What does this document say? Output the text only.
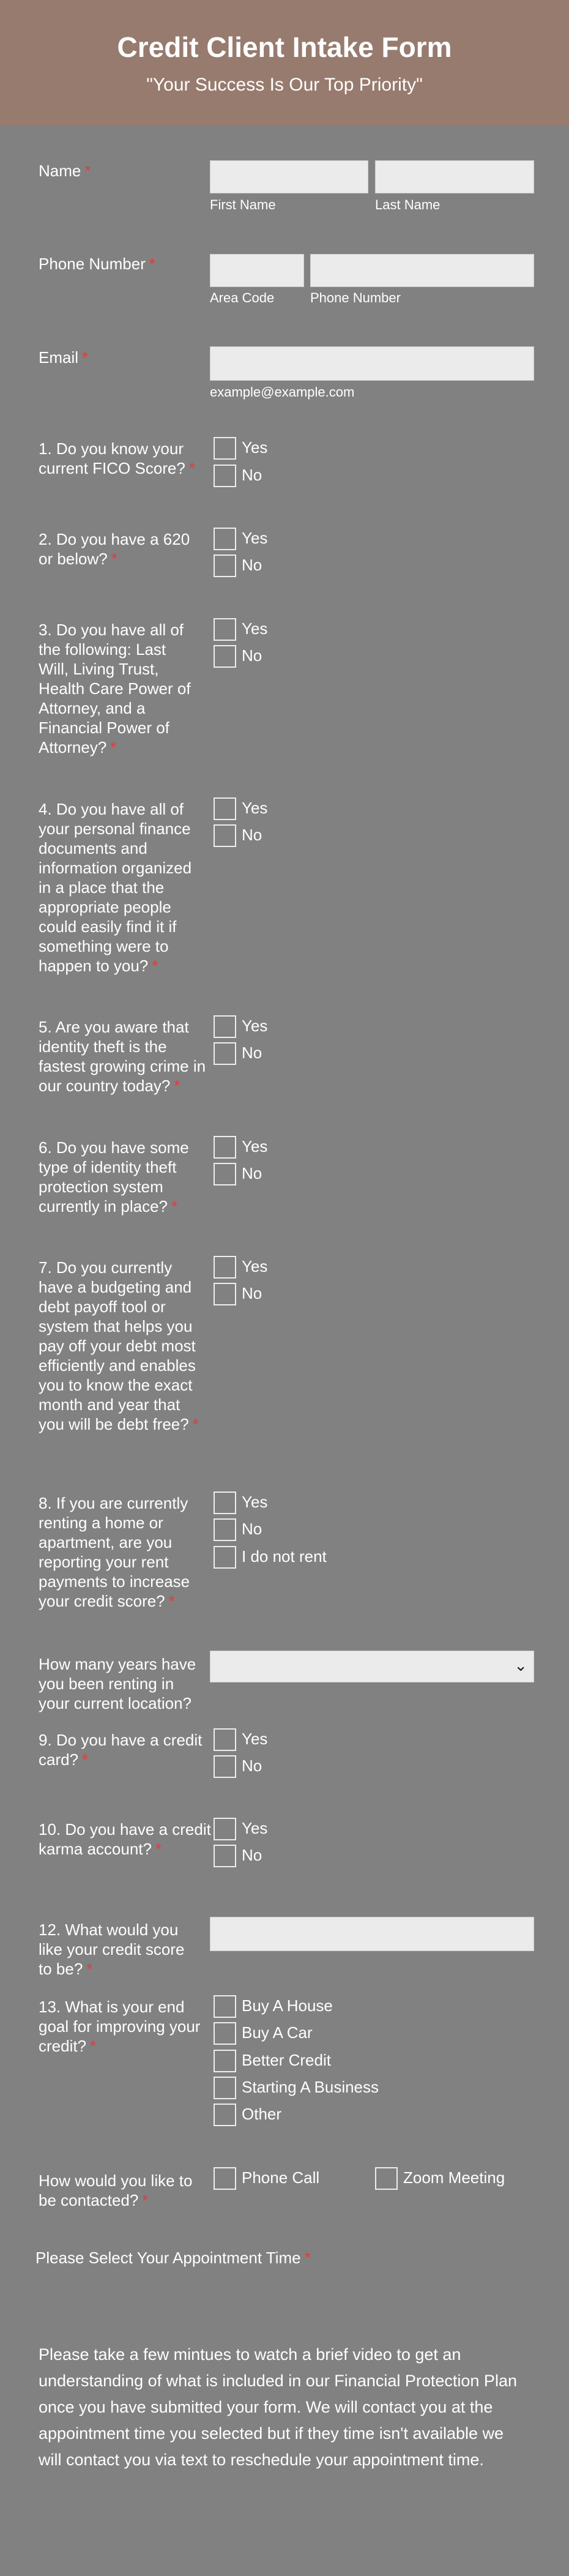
Credit Client Intake Form
"Your Success Is Our Top Priority"
Name *
First Name	Last Name
Phone Number *
Area Code	Phone Number
Email *
example@example.com
1. Do you know your current FICO Score? *
Yes
No
2. Do you have a 620 or below? *
Yes
No
3. Do you have all of the following: Last Will, Living Trust, Health Care Power of Attorney, and a Financial Power of Attorney? *
Yes
No
4. Do you have all of your personal finance documents and information organized in a place that the appropriate people could easily find it if something were to happen to you? *
Yes
No
5. Are you aware that identity theft is the fastest growing crime in our country today? *
Yes
No
6. Do you have some type of identity theft protection system currently in place? *
Yes
No
7. Do you currently have a budgeting and debt payoff tool or system that helps you pay off your debt most efficiently and enables you to know the exact month and year that you will be debt free? *
Yes
No
8. If you are currently renting a home or apartment, are you reporting your rent payments to increase your credit score? *
Yes
No
I do not rent
How many years have you been renting in your current location?
⌄
9. Do you have a credit card? *
Yes
No
10. Do you have a credit karma account? *
Yes
No
12. What would you like your credit score to be? *
13. What is your end goal for improving your credit? *
Buy A House
Buy A Car
Better Credit
Starting A Business
Other
How would you like to be contacted? *
Phone Call	Zoom Meeting
Please Select Your Appointment Time *
Please take a few mintues to watch a brief video to get an understanding of what is included in our Financial Protection Plan once you have submitted your form. We will contact you at the appointment time you selected but if they time isn't available we will contact you via text to reschedule your appointment time.
